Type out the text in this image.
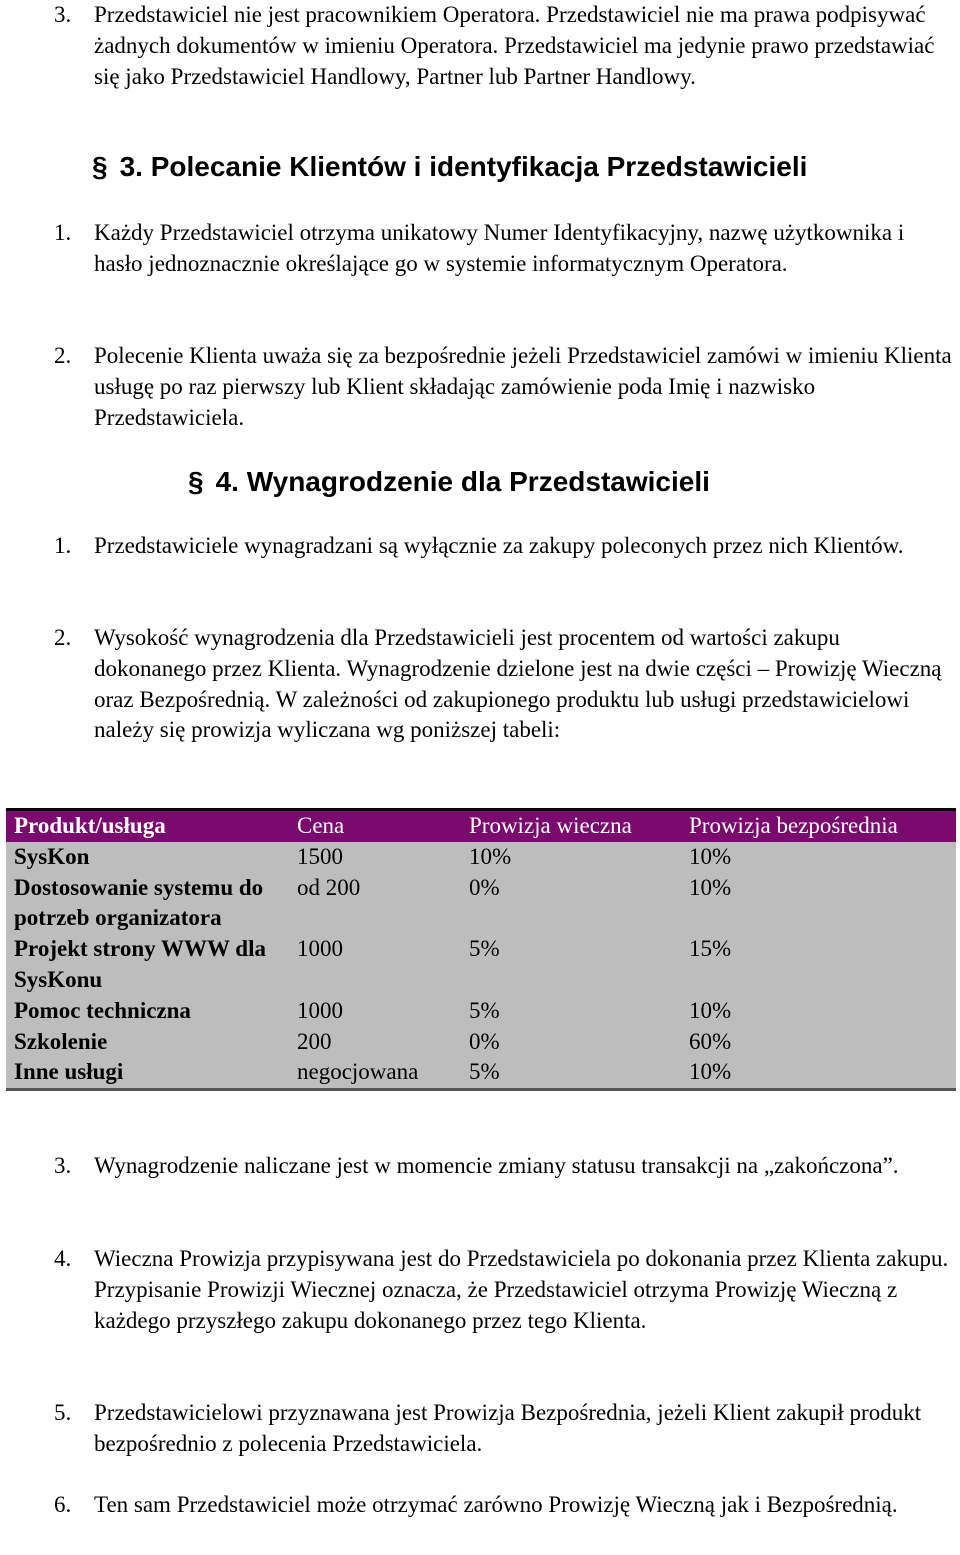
3. Przedstawiciel nie jest pracownikiem Operatora. Przedstawiciel nie ma prawa podpisywać żadnych dokumentów w imieniu Operatora. Przedstawiciel ma jedynie prawo przedstawiać się jako Przedstawiciel Handlowy, Partner lub Partner Handlowy.
§ 3. Polecanie Klientów i identyfikacja Przedstawicieli
1. Każdy Przedstawiciel otrzyma unikatowy Numer Identyfikacyjny, nazwę użytkownika i hasło jednoznacznie określające go w systemie informatycznym Operatora.
2. Polecenie Klienta uważa się za bezpośrednie jeżeli Przedstawiciel zamówi w imieniu Klienta usługę po raz pierwszy lub Klient składając zamówienie poda Imię i nazwisko Przedstawiciela.
§ 4. Wynagrodzenie dla Przedstawicieli
1. Przedstawiciele wynagradzani są wyłącznie za zakupy poleconych przez nich Klientów.
2. Wysokość wynagrodzenia dla Przedstawicieli jest procentem od wartości zakupu dokonanego przez Klienta. Wynagrodzenie dzielone jest na dwie części – Prowizję Wieczną oraz Bezpośrednią. W zależności od zakupionego produktu lub usługi przedstawicielowi należy się prowizja wyliczana wg poniższej tabeli:
Produkt/usługa	Cena	Prowizja wieczna	Prowizja bezpośrednia
SysKon	1500	10%	10%
Dostosowanie systemu do potrzeb organizatora	od 200	0%	10%
Projekt strony WWW dla SysKonu	1000	5%	15%
Pomoc techniczna	1000	5%	10%
Szkolenie	200	0%	60%
Inne usługi	negocjowana	5%	10%
3. Wynagrodzenie naliczane jest w momencie zmiany statusu transakcji na „zakończona”.
4. Wieczna Prowizja przypisywana jest do Przedstawiciela po dokonania przez Klienta zakupu. Przypisanie Prowizji Wiecznej oznacza, że Przedstawiciel otrzyma Prowizję Wieczną z każdego przyszłego zakupu dokonanego przez tego Klienta.
5. Przedstawicielowi przyznawana jest Prowizja Bezpośrednia, jeżeli Klient zakupił produkt bezpośrednio z polecenia Przedstawiciela.
6. Ten sam Przedstawiciel może otrzymać zarówno Prowizję Wieczną jak i Bezpośrednią.
